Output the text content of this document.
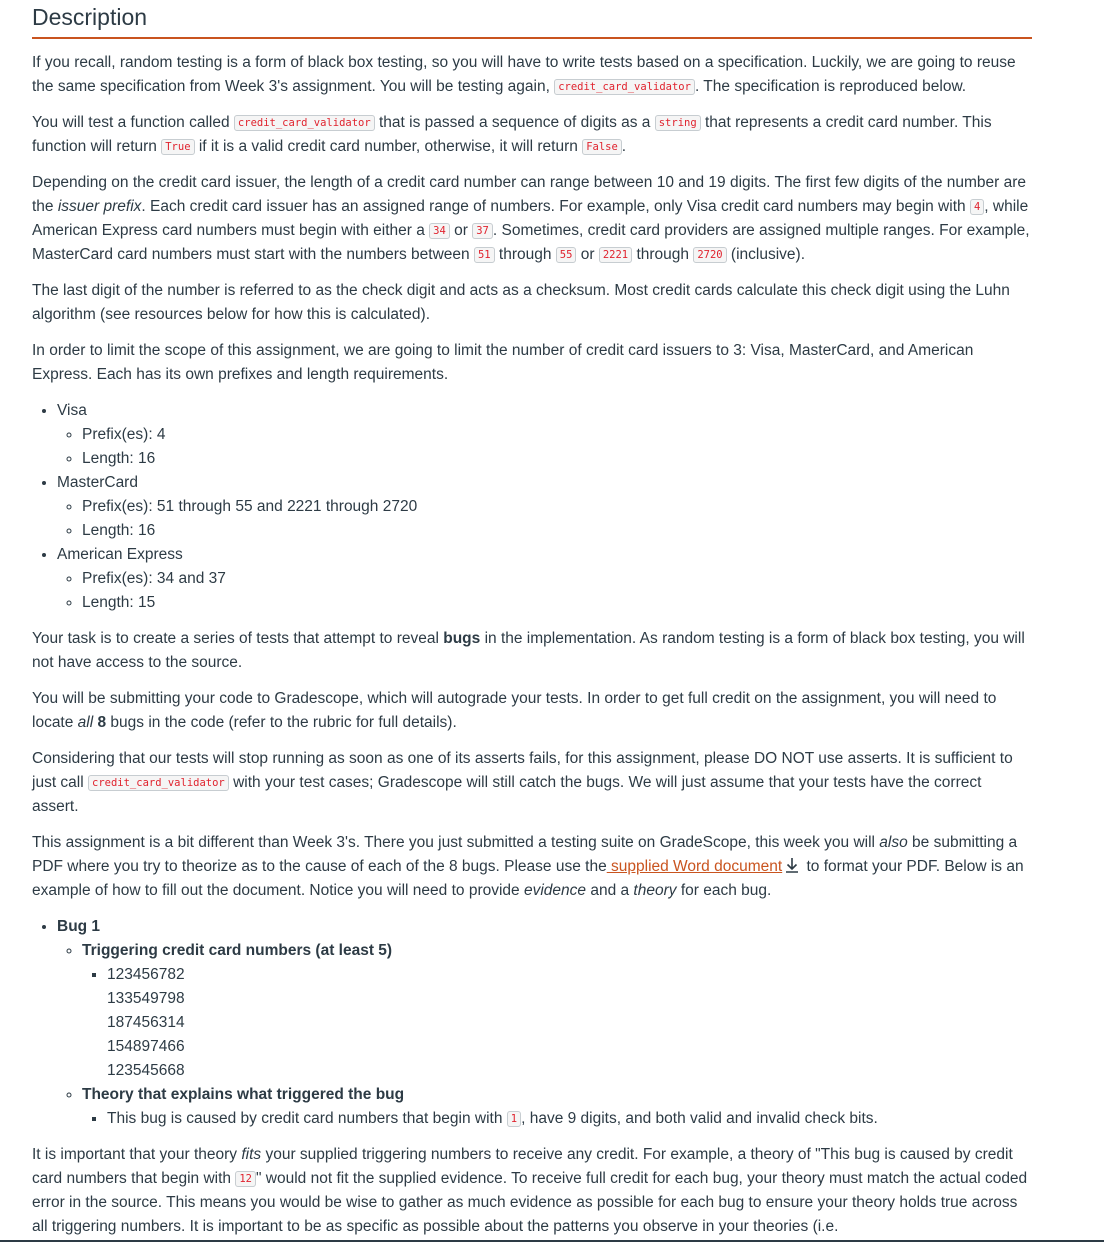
Description

If you recall, random testing is a form of black box testing, so you will have to write tests based on a specification. Luckily, we are going to reuse the same specification from Week 3's assignment. You will be testing again, credit_card_validator . The specification is reproduced below.

You will test a function called credit_card_validator that is passed a sequence of digits as a string that represents a credit card number. This function will return True if it is a valid credit card number, otherwise, it will return False .

Depending on the credit card issuer, the length of a credit card number can range between 10 and 19 digits. The first few digits of the number are the issuer prefix. Each credit card issuer has an assigned range of numbers. For example, only Visa credit card numbers may begin with 4 , while American Express card numbers must begin with either a 34 or 37 . Sometimes, credit card providers are assigned multiple ranges. For example, MasterCard card numbers must start with the numbers between 51 through 55 or 2221 through 2720 (inclusive).

The last digit of the number is referred to as the check digit and acts as a checksum. Most credit cards calculate this check digit using the Luhn algorithm (see resources below for how this is calculated).

In order to limit the scope of this assignment, we are going to limit the number of credit card issuers to 3: Visa, MasterCard, and American Express. Each has its own prefixes and length requirements.

• Visa
◦ Prefix(es): 4
◦ Length: 16
• MasterCard
◦ Prefix(es): 51 through 55 and 2221 through 2720
◦ Length: 16
• American Express
◦ Prefix(es): 34 and 37
◦ Length: 15

Your task is to create a series of tests that attempt to reveal bugs in the implementation. As random testing is a form of black box testing, you will not have access to the source.

You will be submitting your code to Gradescope, which will autograde your tests. In order to get full credit on the assignment, you will need to locate all 8 bugs in the code (refer to the rubric for full details).

Considering that our tests will stop running as soon as one of its asserts fails, for this assignment, please DO NOT use asserts. It is sufficient to just call credit_card_validator with your test cases; Gradescope will still catch the bugs. We will just assume that your tests have the correct assert.

This assignment is a bit different than Week 3's. There you just submitted a testing suite on GradeScope, this week you will also be submitting a PDF where you try to theorize as to the cause of each of the 8 bugs. Please use the supplied Word document to format your PDF. Below is an example of how to fill out the document. Notice you will need to provide evidence and a theory for each bug.

• Bug 1
◦ Triggering credit card numbers (at least 5)
▪ 123456782
133549798
187456314
154897466
123545668
◦ Theory that explains what triggered the bug
▪ This bug is caused by credit card numbers that begin with 1 , have 9 digits, and both valid and invalid check bits.

It is important that your theory fits your supplied triggering numbers to receive any credit. For example, a theory of "This bug is caused by credit card numbers that begin with 12 " would not fit the supplied evidence. To receive full credit for each bug, your theory must match the actual coded error in the source. This means you would be wise to gather as much evidence as possible for each bug to ensure your theory holds true across all triggering numbers. It is important to be as specific as possible about the patterns you observe in your theories (i.e.
